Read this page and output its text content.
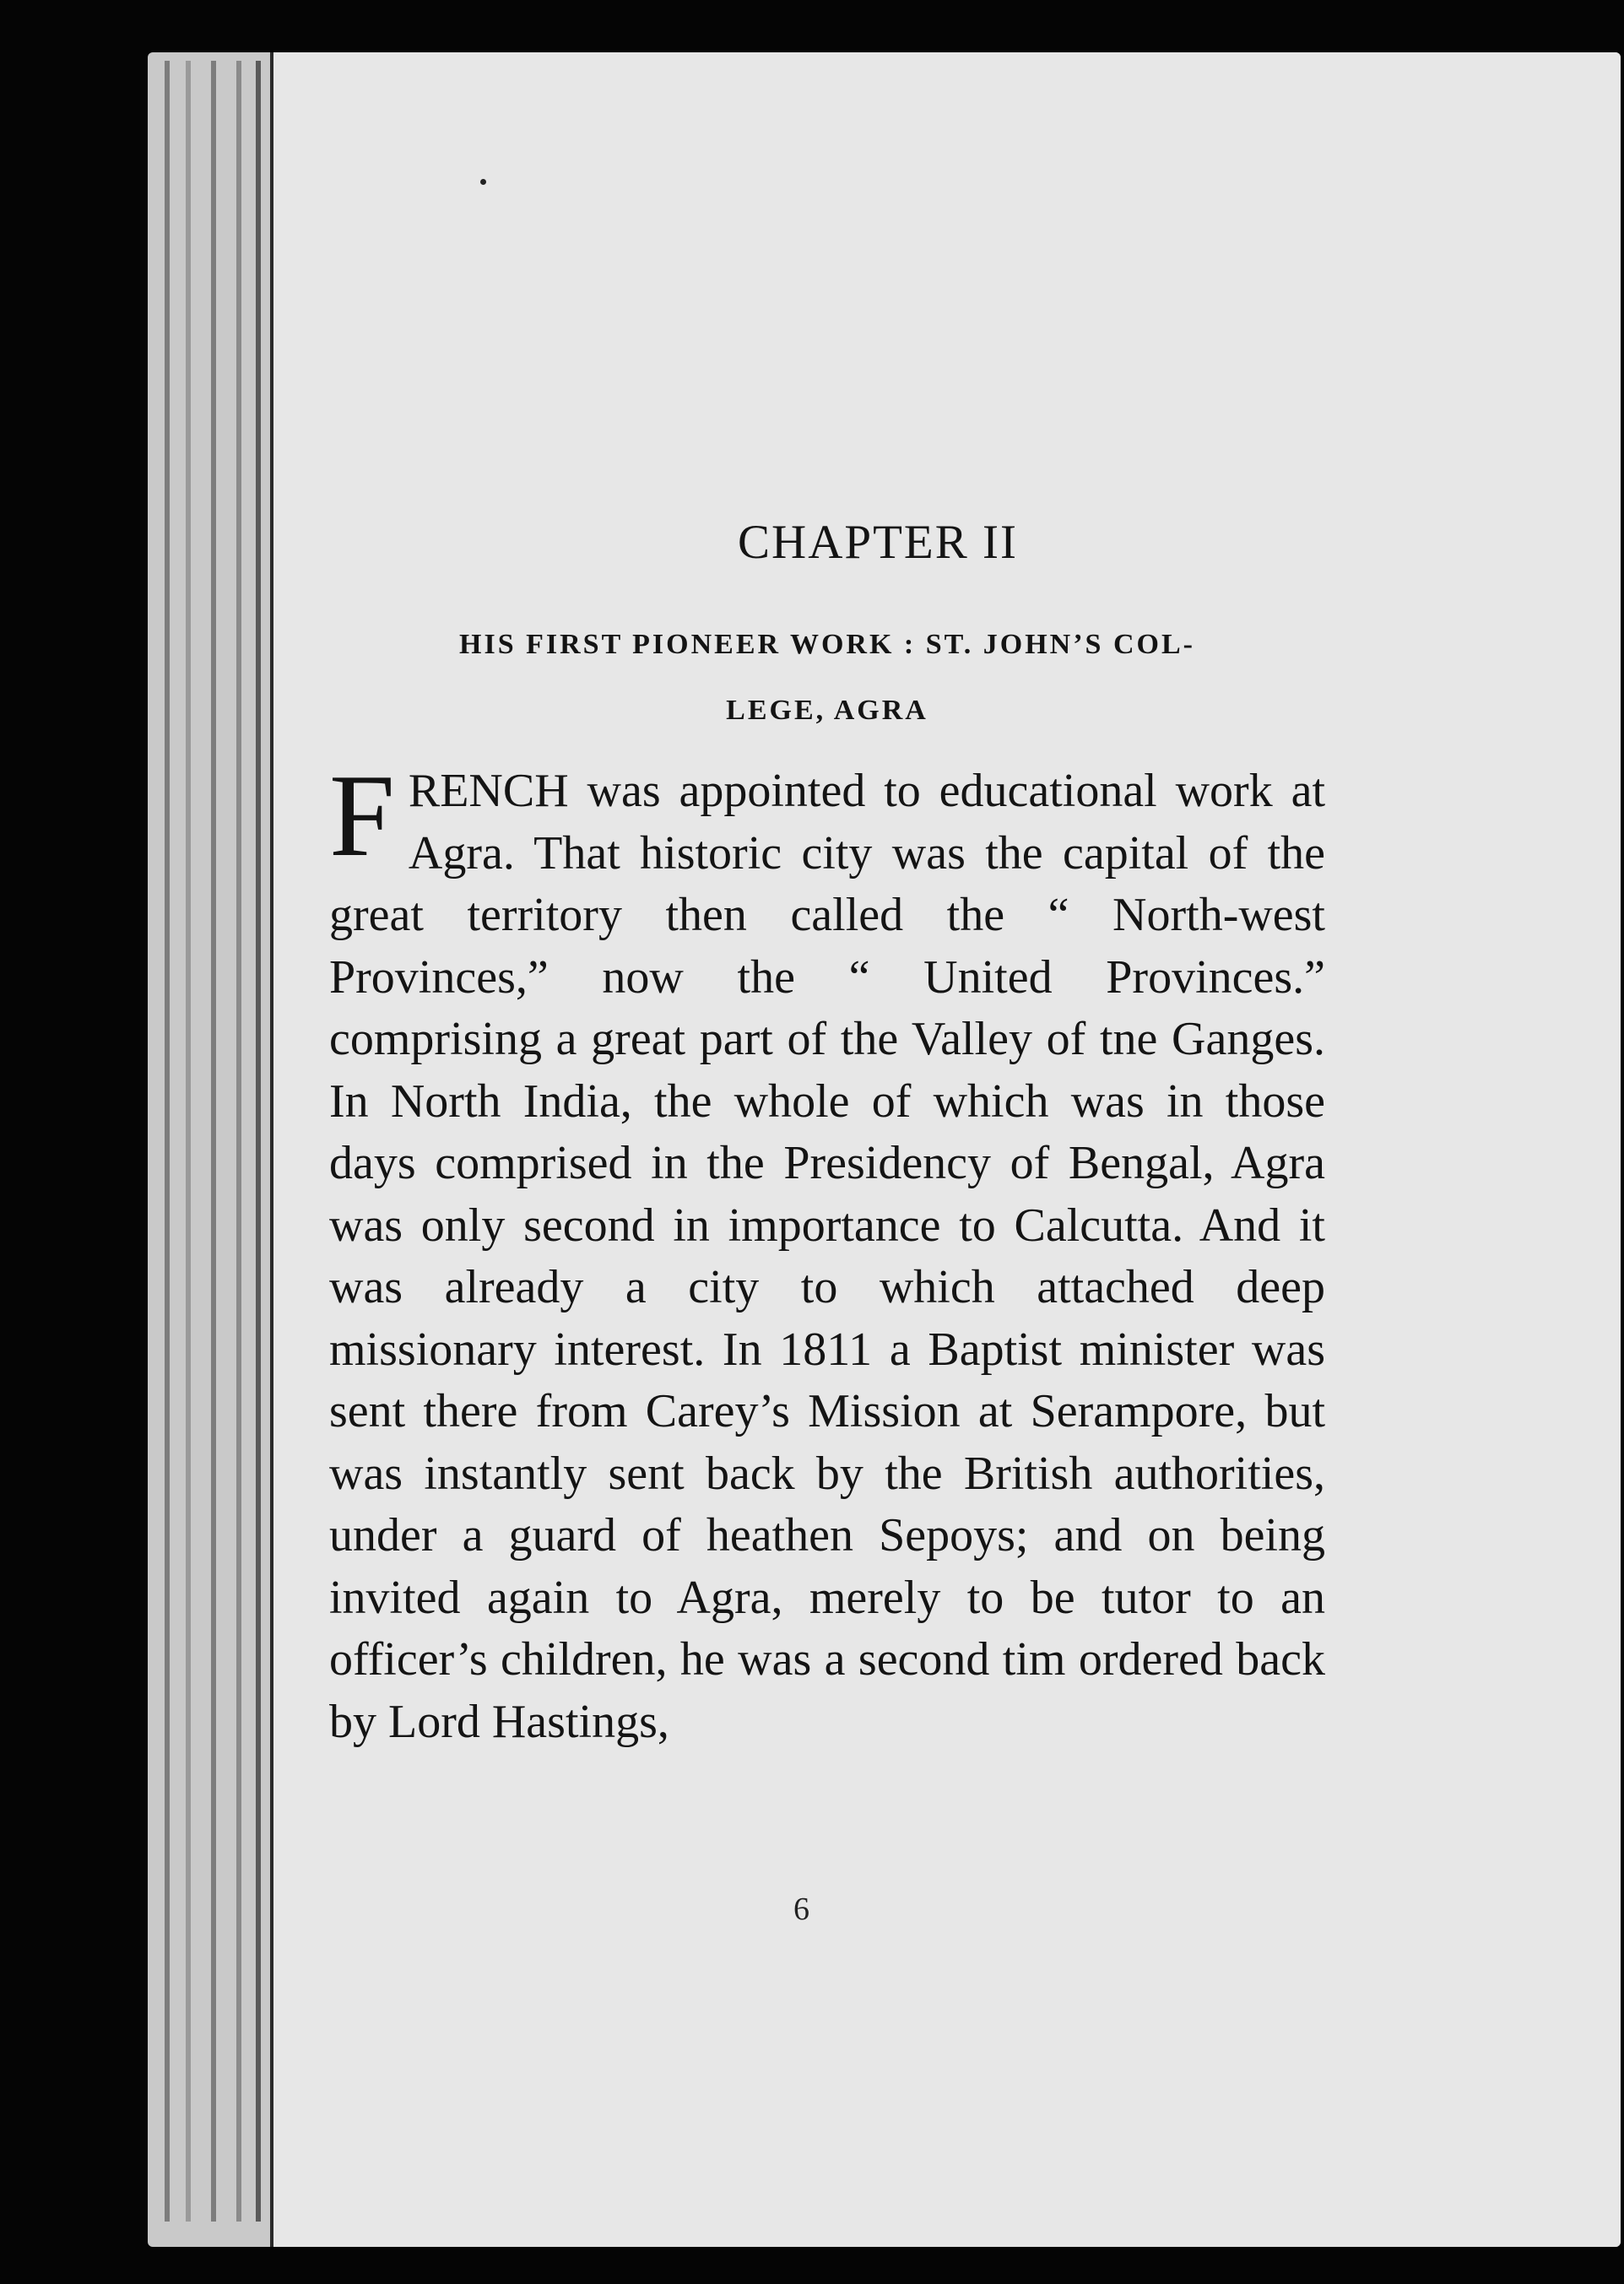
CHAPTER II
HIS FIRST PIONEER WORK : ST. JOHN’S COL-
LEGE, AGRA

F RENCH was appointed to educational work at Agra. That historic city was the capital of the great territory then called the “ North-west Provinces,” now the “ United Provinces.” comprising a great part of the Valley of tne Ganges. In North India, the whole of which was in those days comprised in the Presidency of Bengal, Agra was only second in importance to Calcutta. And it was already a city to which attached deep missionary interest. In 1811 a Baptist minister was sent there from Carey’s Mission at Serampore, but was instantly sent back by the British authorities, under a guard of heathen Sepoys; and on being invited again to Agra, merely to be tutor to an officer’s children, he was a second tim ordered back by Lord Hastings,

6
